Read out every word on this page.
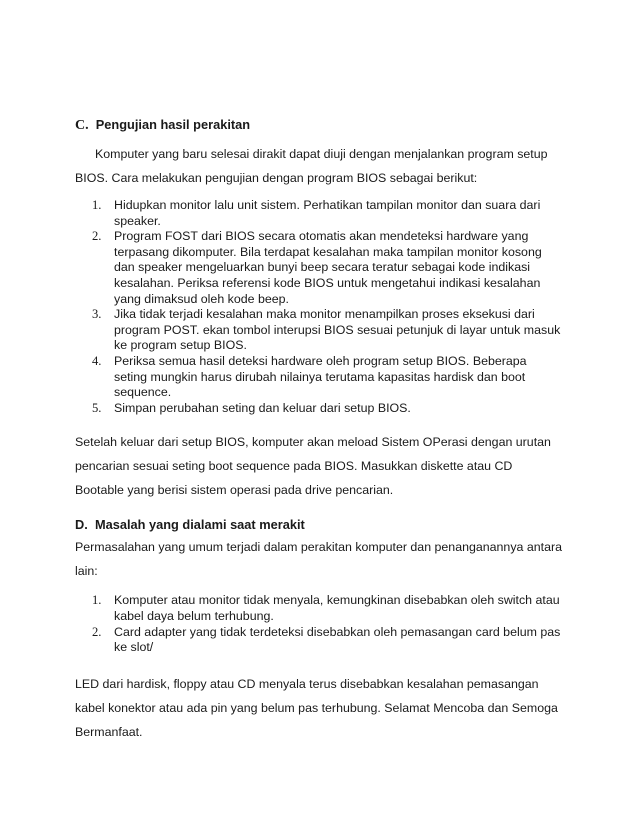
C. Pengujian hasil perakitan

Komputer yang baru selesai dirakit dapat diuji dengan menjalankan program setup BIOS. Cara melakukan pengujian dengan program BIOS sebagai berikut:

1. Hidupkan monitor lalu unit sistem. Perhatikan tampilan monitor dan suara dari speaker.
2. Program FOST dari BIOS secara otomatis akan mendeteksi hardware yang terpasang dikomputer. Bila terdapat kesalahan maka tampilan monitor kosong dan speaker mengeluarkan bunyi beep secara teratur sebagai kode indikasi kesalahan. Periksa referensi kode BIOS untuk mengetahui indikasi kesalahan yang dimaksud oleh kode beep.
3. Jika tidak terjadi kesalahan maka monitor menampilkan proses eksekusi dari program POST. ekan tombol interupsi BIOS sesuai petunjuk di layar untuk masuk ke program setup BIOS.
4. Periksa semua hasil deteksi hardware oleh program setup BIOS. Beberapa seting mungkin harus dirubah nilainya terutama kapasitas hardisk dan boot sequence.
5. Simpan perubahan seting dan keluar dari setup BIOS.

Setelah keluar dari setup BIOS, komputer akan meload Sistem OPerasi dengan urutan pencarian sesuai seting boot sequence pada BIOS. Masukkan diskette atau CD Bootable yang berisi sistem operasi pada drive pencarian.

D. Masalah yang dialami saat merakit

Permasalahan yang umum terjadi dalam perakitan komputer dan penanganannya antara lain:

1. Komputer atau monitor tidak menyala, kemungkinan disebabkan oleh switch atau kabel daya belum terhubung.
2. Card adapter yang tidak terdeteksi disebabkan oleh pemasangan card belum pas ke slot/

LED dari hardisk, floppy atau CD menyala terus disebabkan kesalahan pemasangan kabel konektor atau ada pin yang belum pas terhubung. Selamat Mencoba dan Semoga Bermanfaat.
